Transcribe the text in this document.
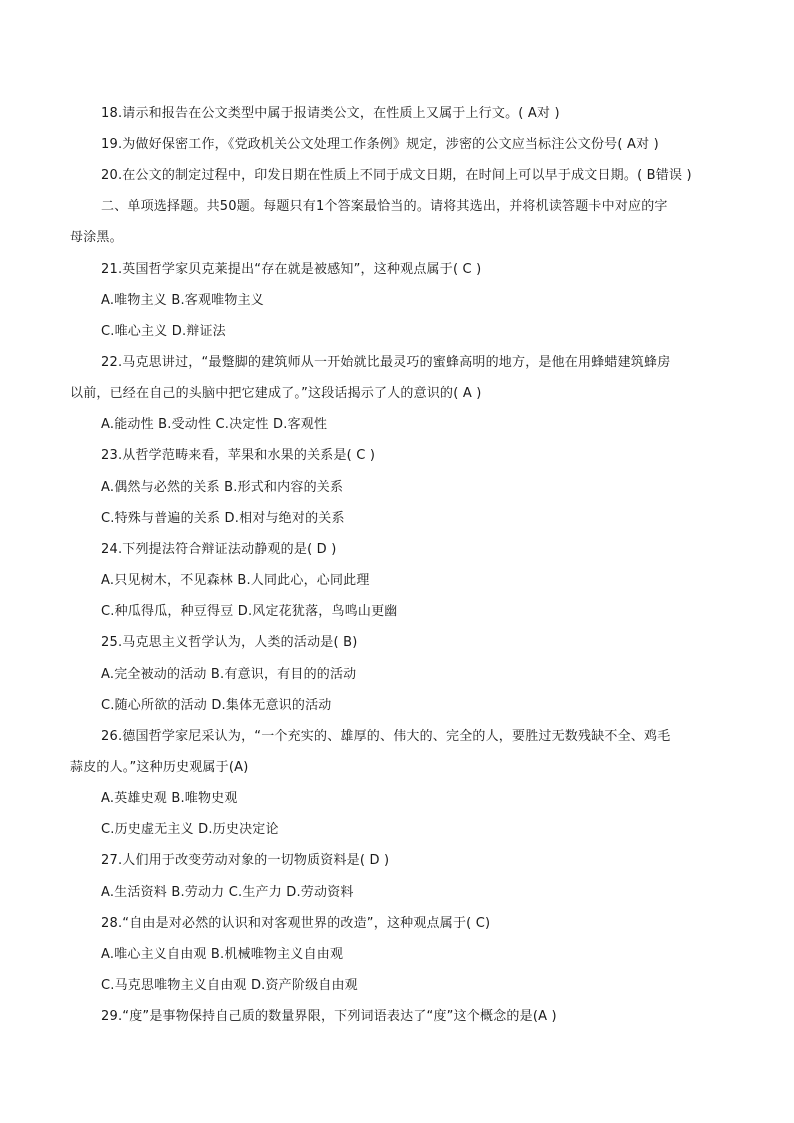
18.请示和报告在公文类型中属于报请类公文，在性质上又属于上行文。( A对 )
19.为做好保密工作，《党政机关公文处理工作条例》规定，涉密的公文应当标注公文份号( A对 )
20.在公文的制定过程中，印发日期在性质上不同于成文日期，在时间上可以早于成文日期。( B错误 )
二、单项选择题。共50题。每题只有1个答案最恰当的。请将其选出，并将机读答题卡中对应的字
母涂黑。
21.英国哲学家贝克莱提出“存在就是被感知”，这种观点属于( C )
A.唯物主义 B.客观唯物主义
C.唯心主义 D.辩证法
22.马克思讲过，“最蹩脚的建筑师从一开始就比最灵巧的蜜蜂高明的地方，是他在用蜂蜡建筑蜂房
以前，已经在自己的头脑中把它建成了。”这段话揭示了人的意识的( A )
A.能动性 B.受动性 C.决定性 D.客观性
23.从哲学范畴来看，苹果和水果的关系是( C )
A.偶然与必然的关系 B.形式和内容的关系
C.特殊与普遍的关系 D.相对与绝对的关系
24.下列提法符合辩证法动静观的是( D )
A.只见树木，不见森林 B.人同此心，心同此理
C.种瓜得瓜，种豆得豆 D.风定花犹落，鸟鸣山更幽
25.马克思主义哲学认为，人类的活动是( B)
A.完全被动的活动 B.有意识，有目的的活动
C.随心所欲的活动 D.集体无意识的活动
26.德国哲学家尼采认为，“一个充实的、雄厚的、伟大的、完全的人，要胜过无数残缺不全、鸡毛
蒜皮的人。”这种历史观属于(A)
A.英雄史观 B.唯物史观
C.历史虚无主义 D.历史决定论
27.人们用于改变劳动对象的一切物质资料是( D )
A.生活资料 B.劳动力 C.生产力 D.劳动资料
28.“自由是对必然的认识和对客观世界的改造”，这种观点属于( C)
A.唯心主义自由观 B.机械唯物主义自由观
C.马克思唯物主义自由观 D.资产阶级自由观
29.“度”是事物保持自己质的数量界限，下列词语表达了“度”这个概念的是(A )
